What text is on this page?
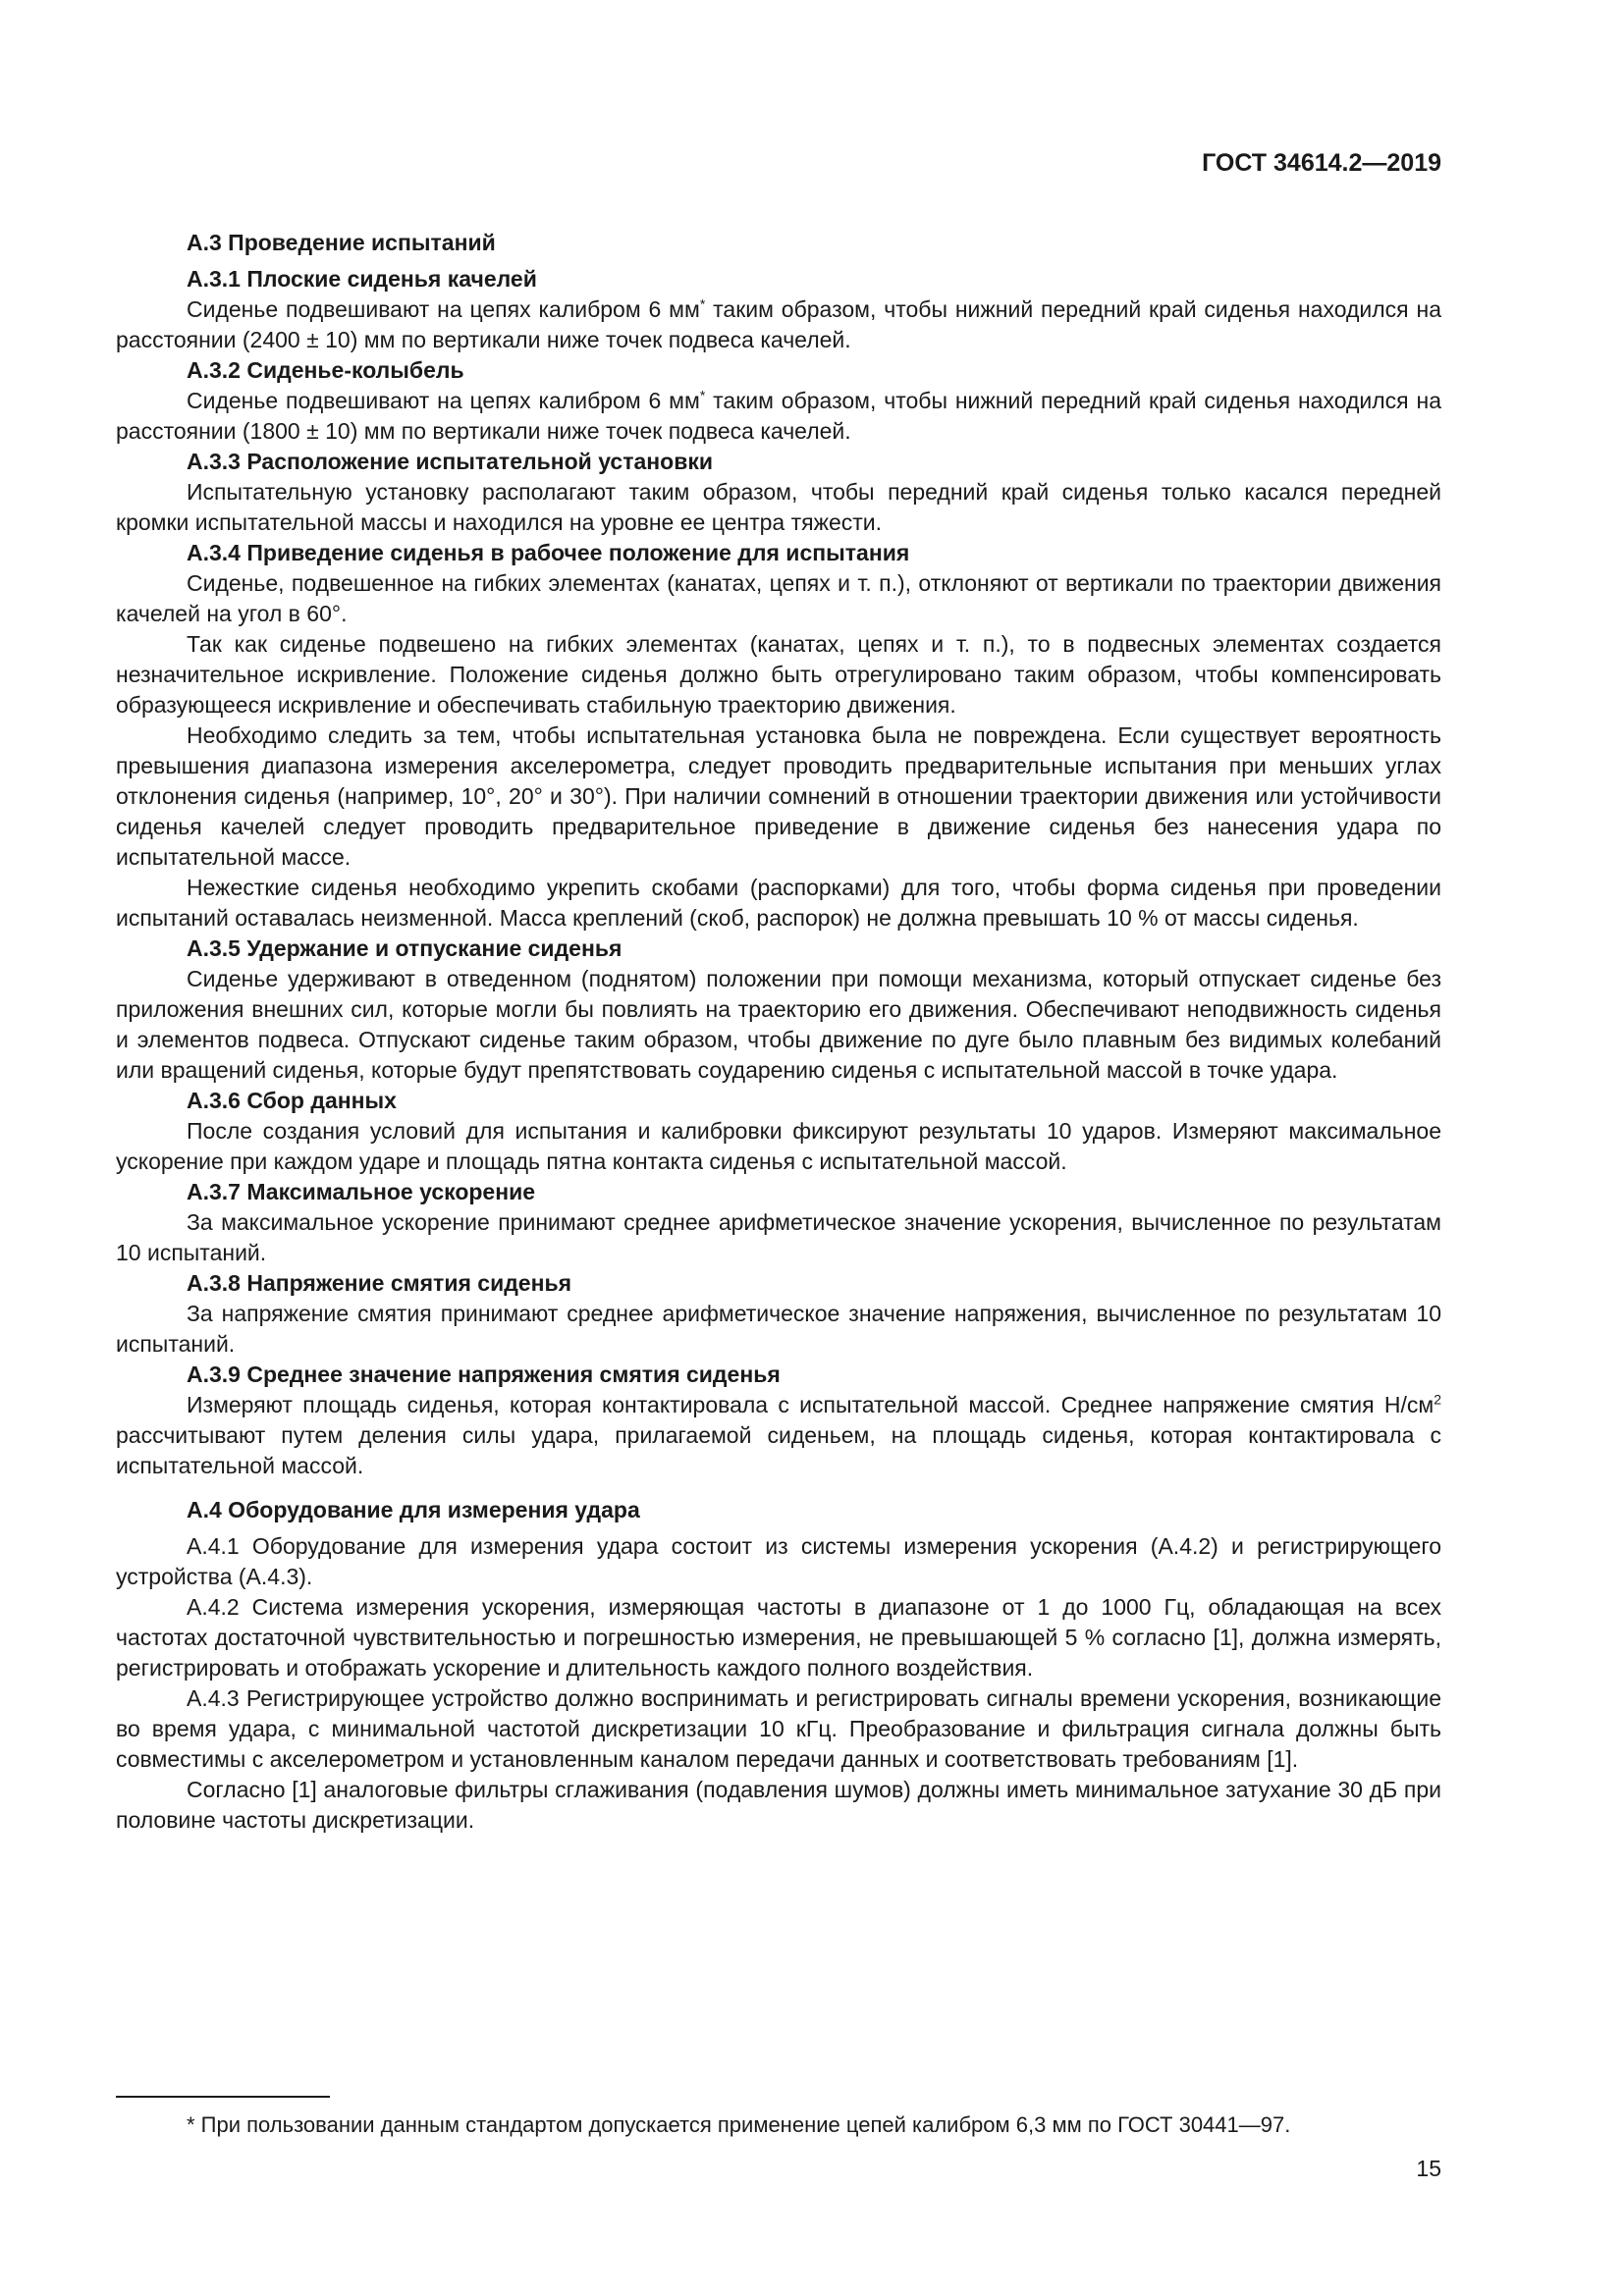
ГОСТ 34614.2—2019

А.3 Проведение испытаний

А.3.1 Плоские сиденья качелей

Сиденье подвешивают на цепях калибром 6 мм* таким образом, чтобы нижний передний край сиденья находился на расстоянии (2400 ± 10) мм по вертикали ниже точек подвеса качелей.

А.3.2 Сиденье-колыбель

Сиденье подвешивают на цепях калибром 6 мм* таким образом, чтобы нижний передний край сиденья находился на расстоянии (1800 ± 10) мм по вертикали ниже точек подвеса качелей.

А.3.3 Расположение испытательной установки

Испытательную установку располагают таким образом, чтобы передний край сиденья только касался передней кромки испытательной массы и находился на уровне ее центра тяжести.

А.3.4 Приведение сиденья в рабочее положение для испытания

Сиденье, подвешенное на гибких элементах (канатах, цепях и т. п.), отклоняют от вертикали по траектории движения качелей на угол в 60°.

Так как сиденье подвешено на гибких элементах (канатах, цепях и т. п.), то в подвесных элементах создается незначительное искривление. Положение сиденья должно быть отрегулировано таким образом, чтобы компенсировать образующееся искривление и обеспечивать стабильную траекторию движения.

Необходимо следить за тем, чтобы испытательная установка была не повреждена. Если существует вероятность превышения диапазона измерения акселерометра, следует проводить предварительные испытания при меньших углах отклонения сиденья (например, 10°, 20° и 30°). При наличии сомнений в отношении траектории движения или устойчивости сиденья качелей следует проводить предварительное приведение в движение сиденья без нанесения удара по испытательной массе.

Нежесткие сиденья необходимо укрепить скобами (распорками) для того, чтобы форма сиденья при проведении испытаний оставалась неизменной. Масса креплений (скоб, распорок) не должна превышать 10 % от массы сиденья.

А.3.5 Удержание и отпускание сиденья

Сиденье удерживают в отведенном (поднятом) положении при помощи механизма, который отпускает сиденье без приложения внешних сил, которые могли бы повлиять на траекторию его движения. Обеспечивают неподвижность сиденья и элементов подвеса. Отпускают сиденье таким образом, чтобы движение по дуге было плавным без видимых колебаний или вращений сиденья, которые будут препятствовать соударению сиденья с испытательной массой в точке удара.

А.3.6 Сбор данных

После создания условий для испытания и калибровки фиксируют результаты 10 ударов. Измеряют максимальное ускорение при каждом ударе и площадь пятна контакта сиденья с испытательной массой.

А.3.7 Максимальное ускорение

За максимальное ускорение принимают среднее арифметическое значение ускорения, вычисленное по результатам 10 испытаний.

А.3.8 Напряжение смятия сиденья

За напряжение смятия принимают среднее арифметическое значение напряжения, вычисленное по результатам 10 испытаний.

А.3.9 Среднее значение напряжения смятия сиденья

Измеряют площадь сиденья, которая контактировала с испытательной массой. Среднее напряжение смятия $Н/см^2$ рассчитывают путем деления силы удара, прилагаемой сиденьем, на площадь сиденья, которая контактировала с испытательной массой.

А.4 Оборудование для измерения удара

А.4.1 Оборудование для измерения удара состоит из системы измерения ускорения (А.4.2) и регистрирующего устройства (А.4.3).

А.4.2 Система измерения ускорения, измеряющая частоты в диапазоне от 1 до 1000 Гц, обладающая на всех частотах достаточной чувствительностью и погрешностью измерения, не превышающей 5 % согласно [1], должна измерять, регистрировать и отображать ускорение и длительность каждого полного воздействия.

А.4.3 Регистрирующее устройство должно воспринимать и регистрировать сигналы времени ускорения, возникающие во время удара, с минимальной частотой дискретизации 10 кГц. Преобразование и фильтрация сигнала должны быть совместимы с акселерометром и установленным каналом передачи данных и соответствовать требованиям [1].

Согласно [1] аналоговые фильтры сглаживания (подавления шумов) должны иметь минимальное затухание 30 дБ при половине частоты дискретизации.

* При пользовании данным стандартом допускается применение цепей калибром 6,3 мм по ГОСТ 30441—97.
15
